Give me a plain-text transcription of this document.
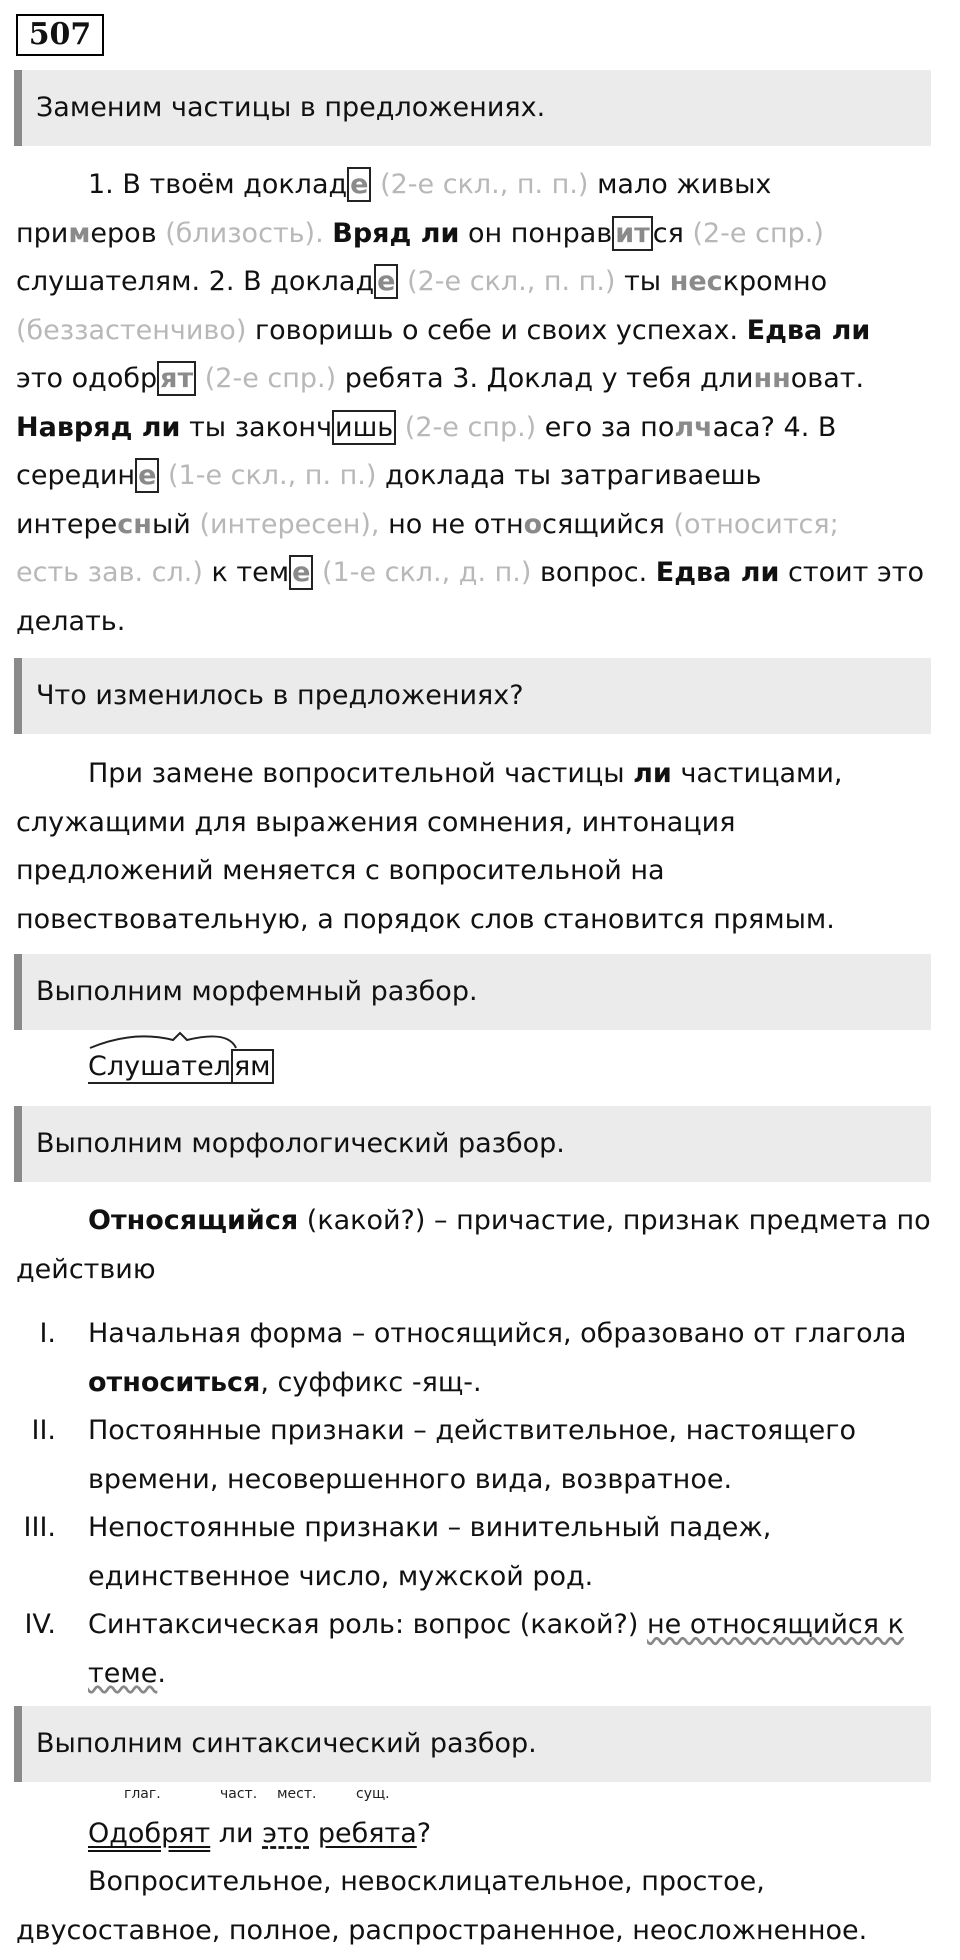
507
Заменим частицы в предложениях.
1. В твоём доклад е (2-е скл., п. п.) мало живых
примеров (близость). Вряд ли он понрав ит ся (2-е спр.)
слушателям. 2. В доклад е (2-е скл., п. п.) ты нескромно
(беззастенчиво) говоришь о себе и своих успехах. Едва ли
это одобр ят (2-е спр.) ребята 3. Доклад у тебя длинноват.
Навряд ли ты законч ишь (2-е спр.) его за полчаса? 4. В
середин е (1-е скл., п. п.) доклада ты затрагиваешь
интересный (интересен), но не относящийся (относится;
есть зав. сл.) к тем е (1-е скл., д. п.) вопрос. Едва ли стоит это
делать.
Что изменилось в предложениях?
При замене вопросительной частицы ли частицами, служащими для выражения сомнения, интонация предложений меняется с вопросительной на повествовательную, а порядок слов становится прямым.
Выполним морфемный разбор.
Слушател ям
Выполним морфологический разбор.
Относящийся (какой?) – причастие, признак предмета по действию
I. Начальная форма – относящийся, образовано от глагола относиться, суффикс -ящ-.
II. Постоянные признаки – действительное, настоящего времени, несовершенного вида, возвратное.
III. Непостоянные признаки – винительный падеж, единственное число, мужской род.
IV. Синтаксическая роль: вопрос (какой?) не относящийся к теме.
Выполним синтаксический разбор.
глаг.	част. мест.	сущ.
Одобрят ли это ребята?
Вопросительное, невосклицательное, простое, двусоставное, полное, распространенное, неосложненное.
